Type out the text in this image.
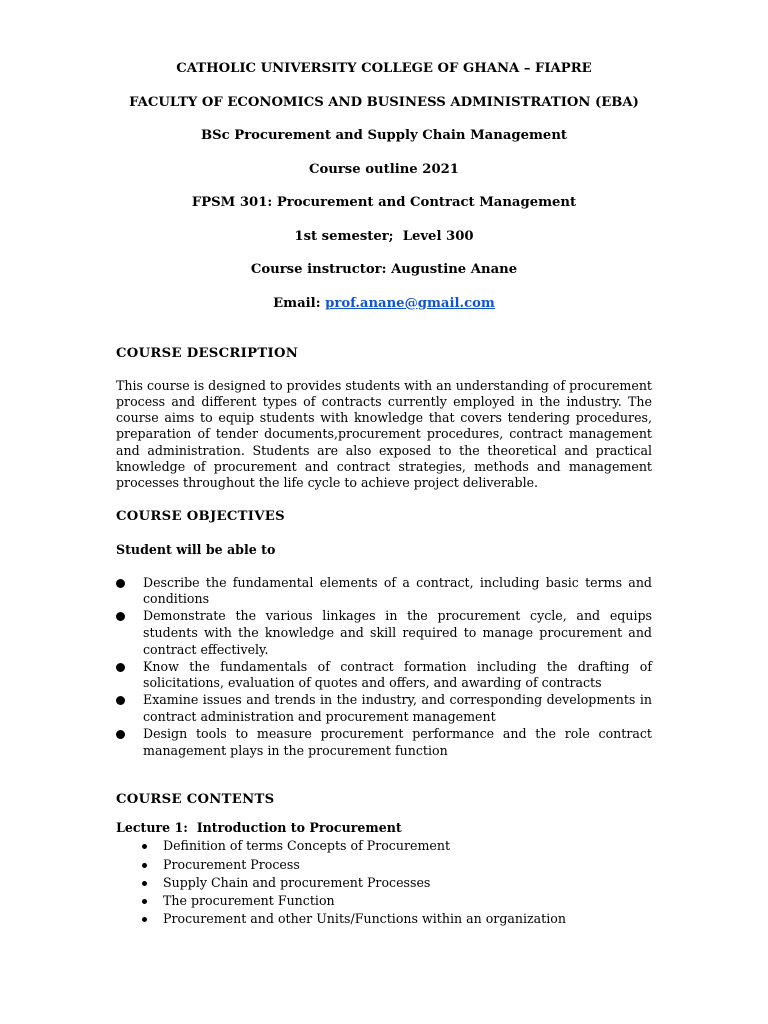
CATHOLIC UNIVERSITY COLLEGE OF GHANA – FIAPRE

FACULTY OF ECONOMICS AND BUSINESS ADMINISTRATION (EBA)

BSc Procurement and Supply Chain Management

Course outline 2021

FPSM 301: Procurement and Contract Management

1st semester;  Level 300

Course instructor: Augustine Anane

Email: prof.anane@gmail.com

COURSE DESCRIPTION

This course is designed to provides students with an understanding of procurement process and different types of contracts currently employed in the industry. The course aims to equip students with knowledge that covers tendering procedures, preparation of tender documents,procurement procedures, contract management and administration. Students are also exposed to the theoretical and practical knowledge of procurement and contract strategies, methods and management processes throughout the life cycle to achieve project deliverable.

COURSE OBJECTIVES

Student will be able to

Describe the fundamental elements of a contract, including basic terms and conditions
Demonstrate the various linkages in the procurement cycle, and equips students with the knowledge and skill required to manage procurement and contract effectively.
Know the fundamentals of contract formation including the drafting of solicitations, evaluation of quotes and offers, and awarding of contracts
Examine issues and trends in the industry, and corresponding developments in contract administration and procurement management
Design tools to measure procurement performance and the role contract management plays in the procurement function

COURSE CONTENTS

Lecture 1:  Introduction to Procurement

Definition of terms Concepts of Procurement
Procurement Process
Supply Chain and procurement Processes
The procurement Function
Procurement and other Units/Functions within an organization
